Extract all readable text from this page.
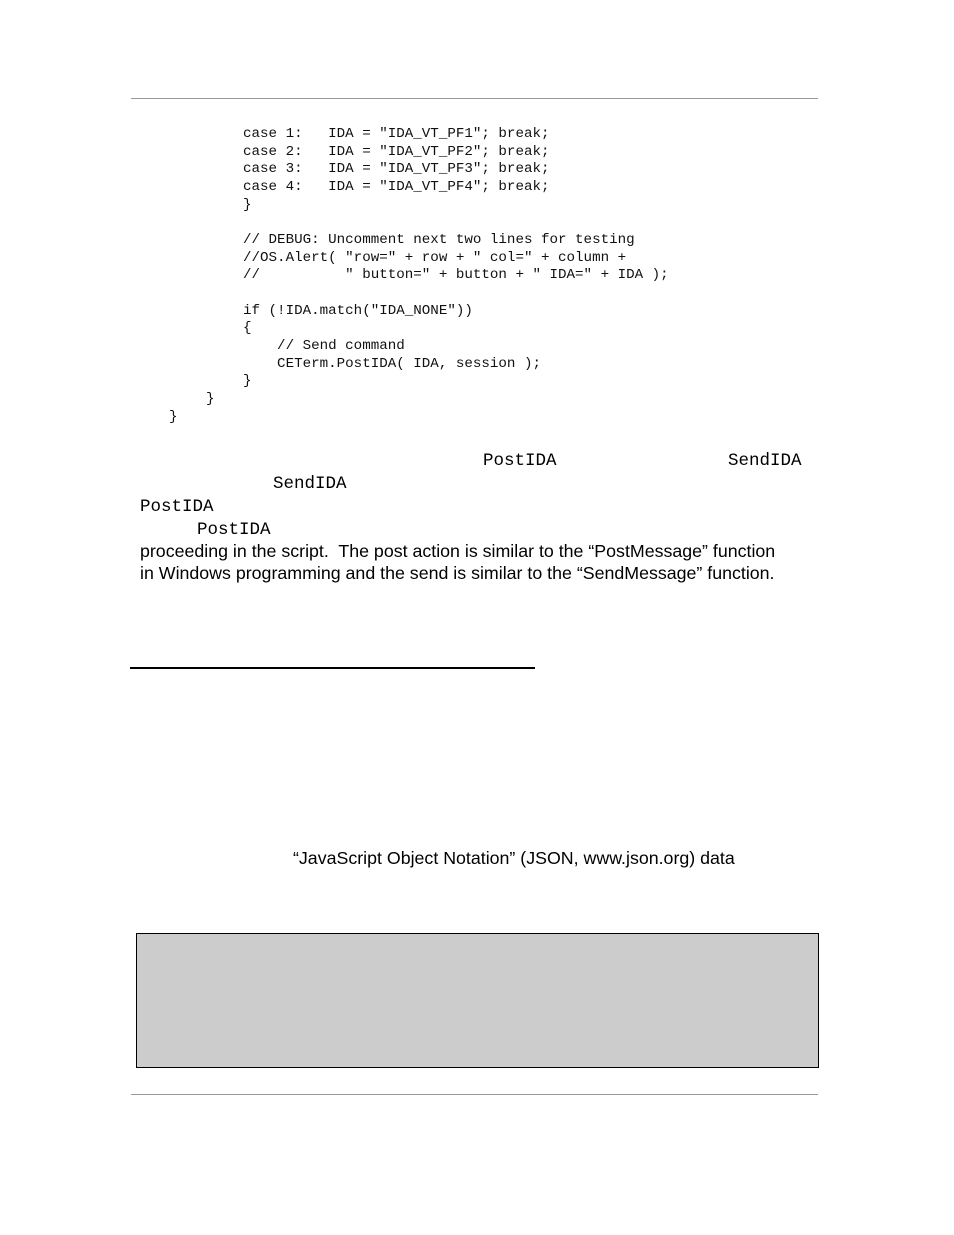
case 1:   IDA = "IDA_VT_PF1"; break;
case 2:   IDA = "IDA_VT_PF2"; break;
case 3:   IDA = "IDA_VT_PF3"; break;
case 4:   IDA = "IDA_VT_PF4"; break;
}
// DEBUG: Uncomment next two lines for testing
//OS.Alert( "row=" + row + " col=" + column +
//          " button=" + button + " IDA=" + IDA );
if (!IDA.match("IDA_NONE"))
{
// Send command
CETerm.PostIDA( IDA, session );
}
}
}
PostIDA	SendIDA
SendIDA
PostIDA
PostIDA
proceeding in the script.  The post action is similar to the “PostMessage” function
in Windows programming and the send is similar to the “SendMessage” function.
“JavaScript Object Notation” (JSON, www.json.org) data
